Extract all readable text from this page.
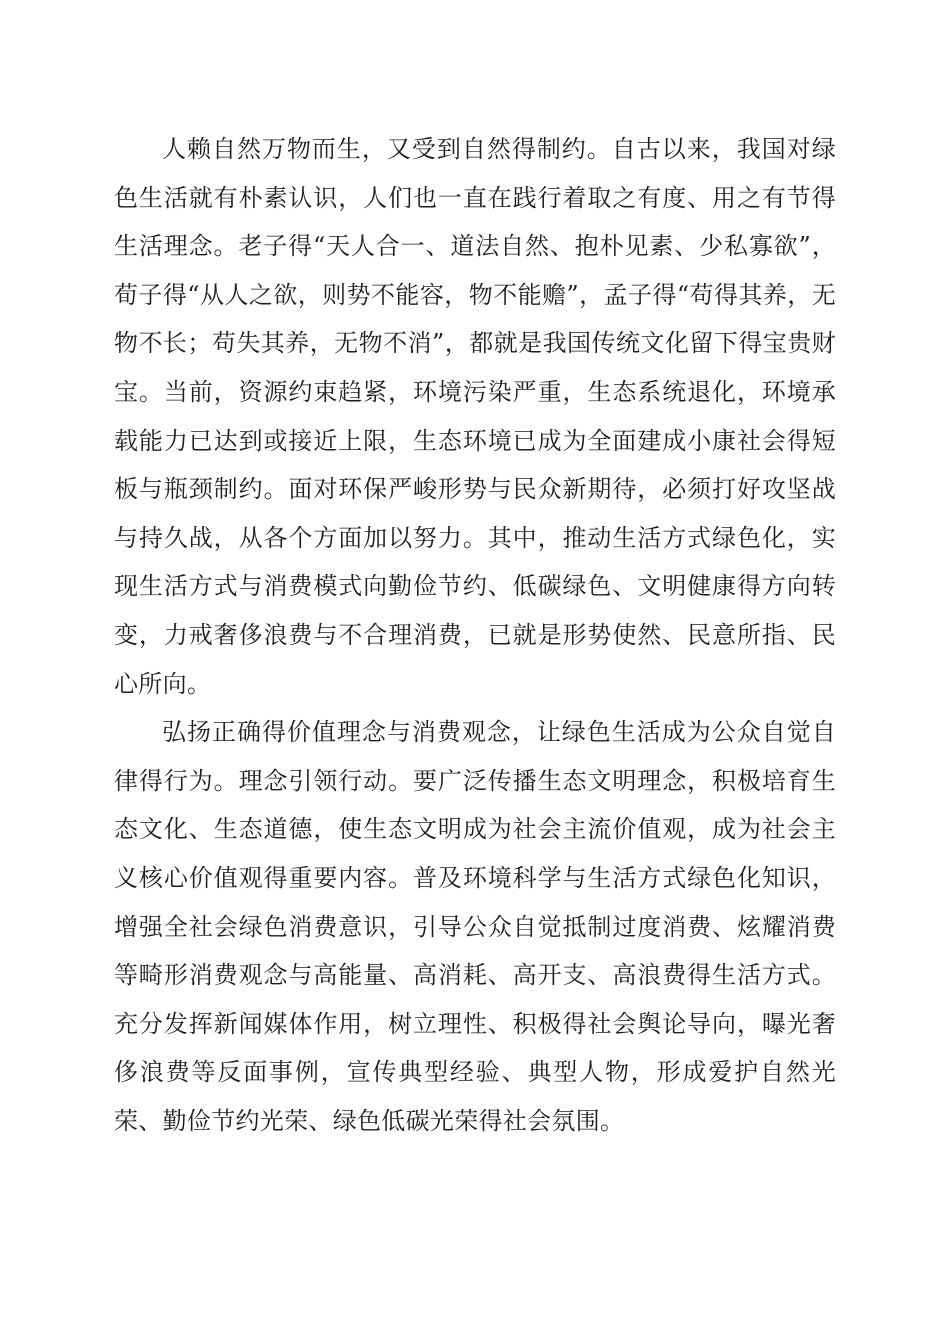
人赖自然万物而生，又受到自然得制约。自古以来，我国对绿色生活就有朴素认识，人们也一直在践行着取之有度、用之有节得生活理念。老子得“天人合一、道法自然、抱朴见素、少私寡欲”，荀子得“从人之欲，则势不能容，物不能赡”，孟子得“苟得其养，无物不长；苟失其养，无物不消”，都就是我国传统文化留下得宝贵财宝。当前，资源约束趋紧，环境污染严重，生态系统退化，环境承载能力已达到或接近上限，生态环境已成为全面建成小康社会得短板与瓶颈制约。面对环保严峻形势与民众新期待，必须打好攻坚战与持久战，从各个方面加以努力。其中，推动生活方式绿色化，实现生活方式与消费模式向勤俭节约、低碳绿色、文明健康得方向转变，力戒奢侈浪费与不合理消费，已就是形势使然、民意所指、民心所向。

弘扬正确得价值理念与消费观念，让绿色生活成为公众自觉自律得行为。理念引领行动。要广泛传播生态文明理念，积极培育生态文化、生态道德，使生态文明成为社会主流价值观，成为社会主义核心价值观得重要内容。普及环境科学与生活方式绿色化知识，增强全社会绿色消费意识，引导公众自觉抵制过度消费、炫耀消费等畸形消费观念与高能量、高消耗、高开支、高浪费得生活方式。充分发挥新闻媒体作用，树立理性、积极得社会舆论导向，曝光奢侈浪费等反面事例，宣传典型经验、典型人物，形成爱护自然光荣、勤俭节约光荣、绿色低碳光荣得社会氛围。
